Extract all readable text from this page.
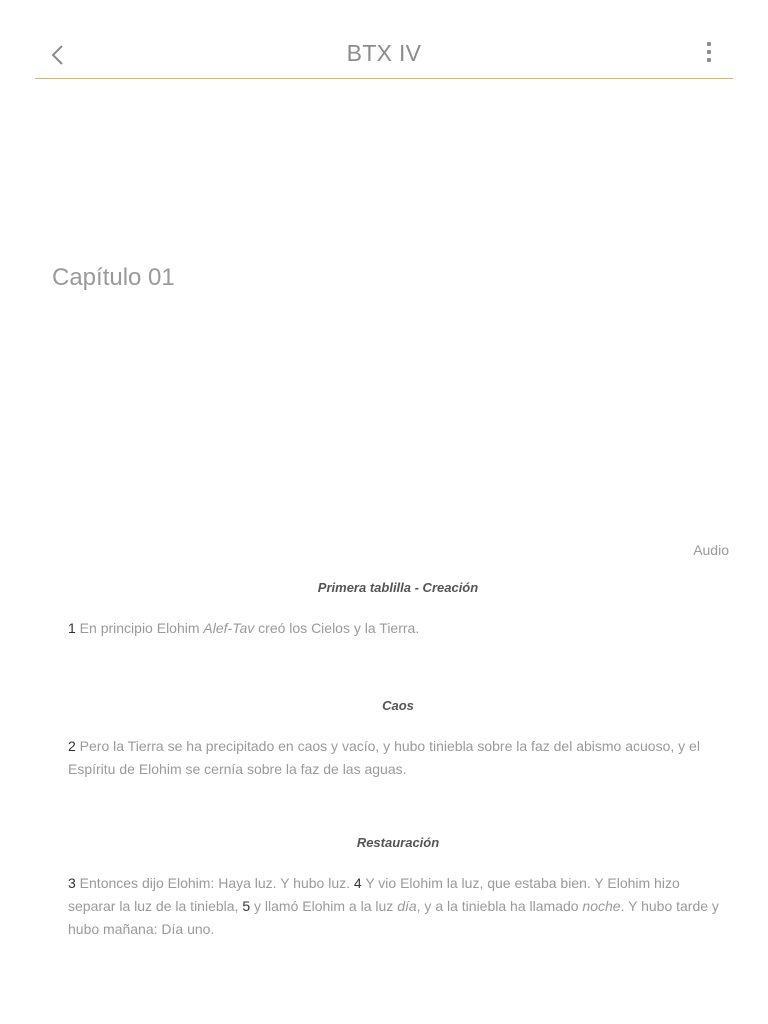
BTX IV
Capítulo 01
Audio

Primera tablilla - Creación

1 En principio Elohim Alef-Tav creó los Cielos y la Tierra.

Caos

2 Pero la Tierra se ha precipitado en caos y vacío, y hubo tiniebla sobre la faz del abismo acuoso, y el Espíritu de Elohim se cernía sobre la faz de las aguas.

Restauración

3 Entonces dijo Elohim: Haya luz. Y hubo luz. 4 Y vio Elohim la luz, que estaba bien. Y Elohim hizo separar la luz de la tiniebla, 5 y llamó Elohim a la luz día, y a la tiniebla ha llamado noche. Y hubo tarde y hubo mañana: Día uno.
